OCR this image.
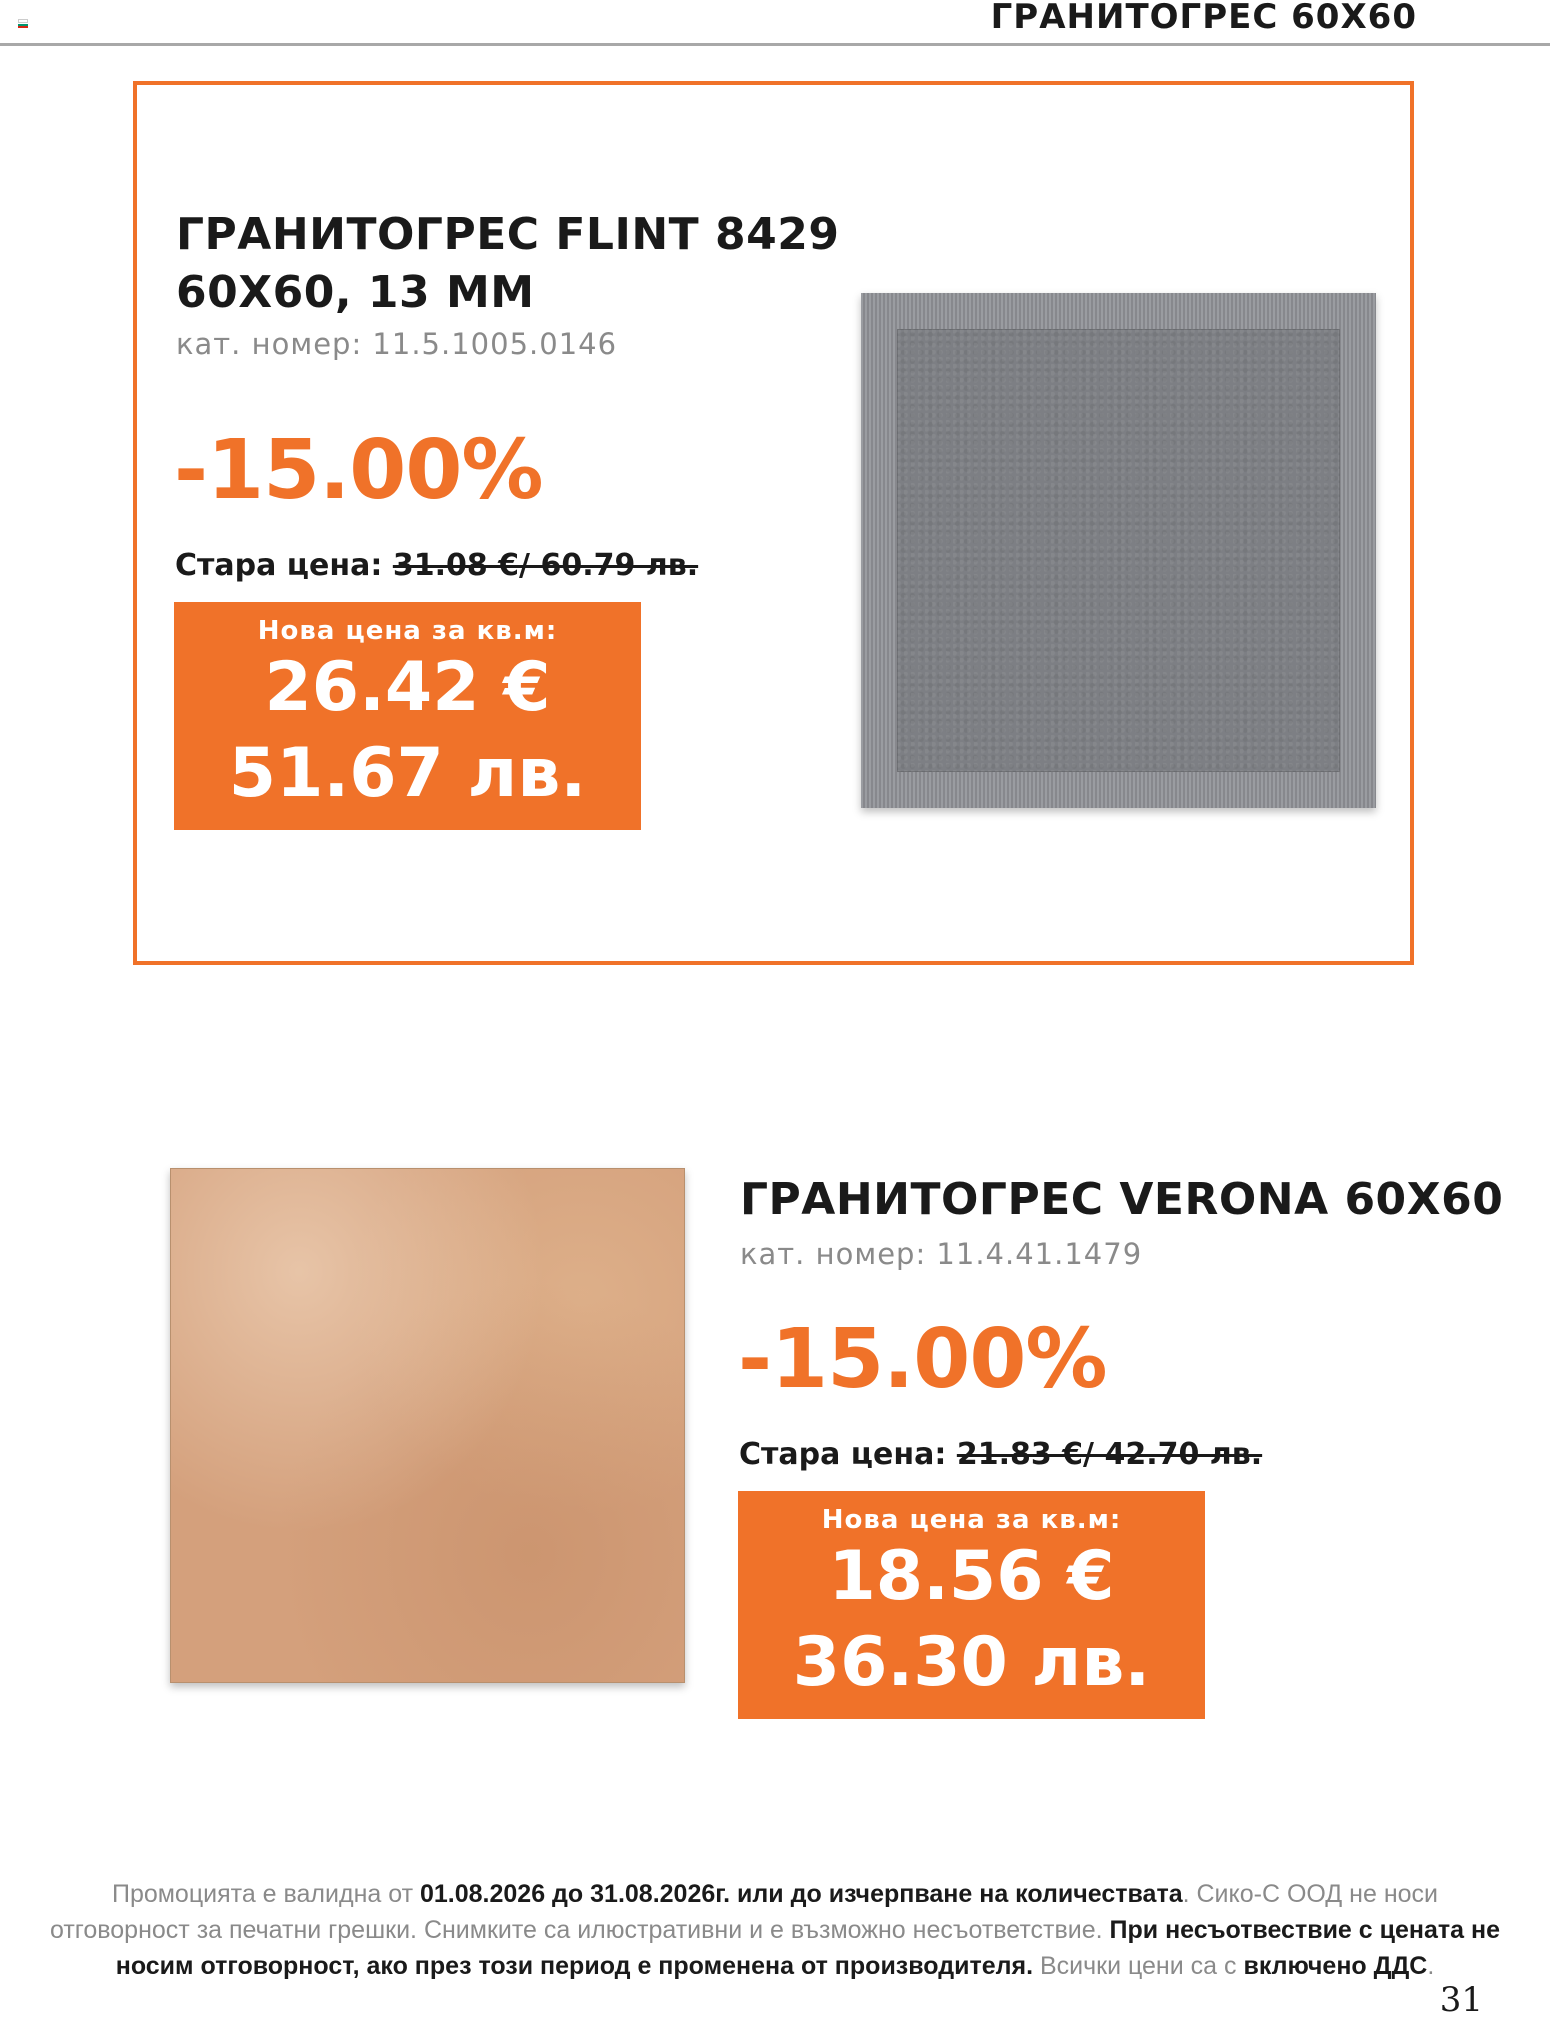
ГРАНИТОГРЕС 60X60
ГРАНИТОГРЕС FLINT 8429
60X60, 13 ММ
кат. номер: 11.5.1005.0146
-15.00%
Стара цена: 31.08 €/ 60.79 лв.
Нова цена за кв.м:
26.42 €
51.67 лв.
ГРАНИТОГРЕС VERONA 60X60
кат. номер: 11.4.41.1479
-15.00%
Стара цена: 21.83 €/ 42.70 лв.
Нова цена за кв.м:
18.56 €
36.30 лв.
Промоцията е валидна от 01.08.2026 до 31.08.2026г. или до изчерпване на количествата. Сико-С ООД не носи отговорност за печатни грешки. Снимките са илюстративни и е възможно несъответствие. При несъотвествие с цената не носим отговорност, ако през този период е променена от производителя. Всички цени са с включено ДДС.
31
